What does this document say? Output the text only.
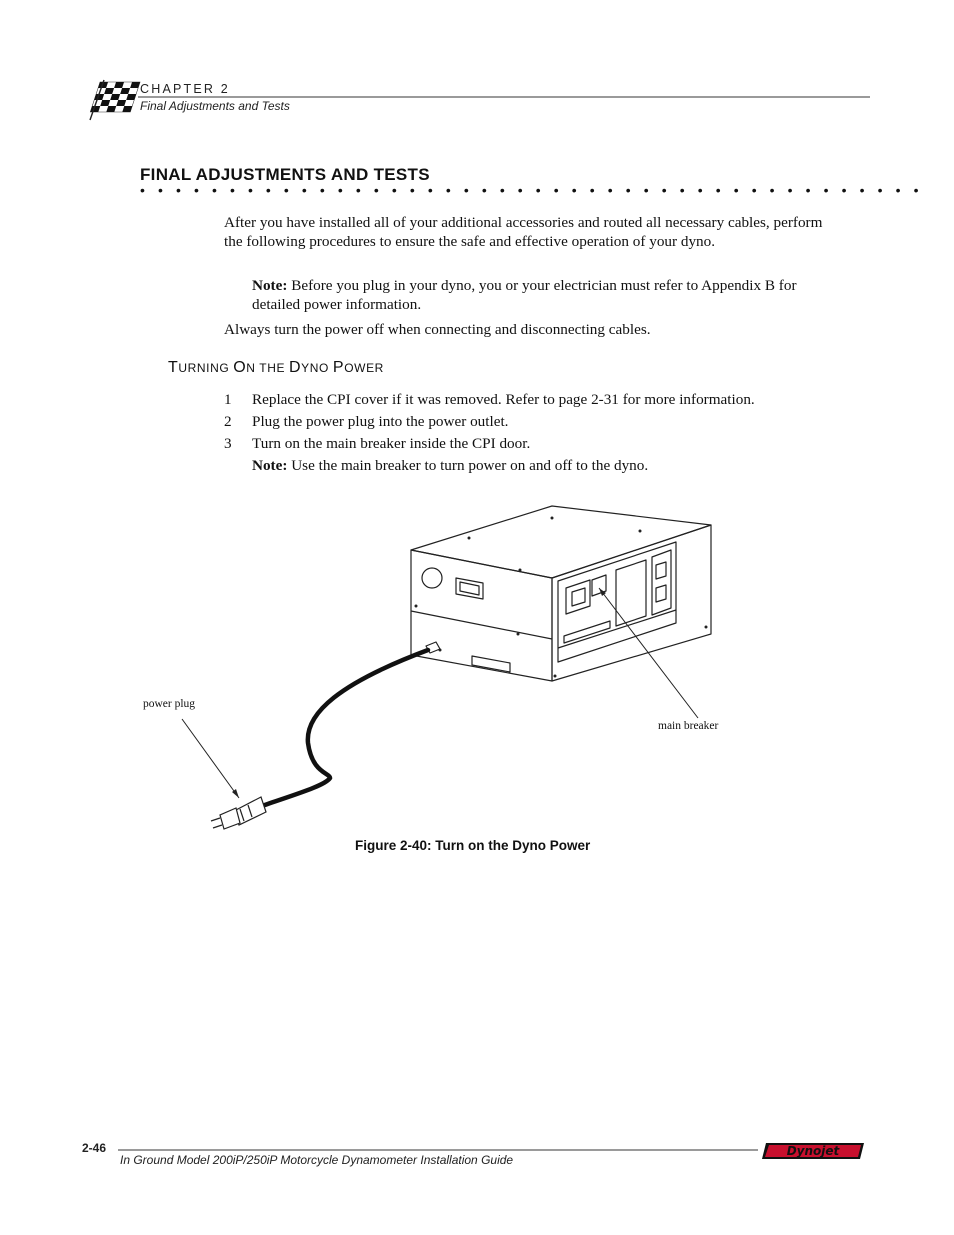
CHAPTER 2
Final Adjustments and Tests
FINAL ADJUSTMENTS AND TESTS
• • • • • • • • • • • • • • • • • • • • • • • • • • • • • • • • • • • • • • • • • • • •
After you have installed all of your additional accessories and routed all necessary cables, perform the following procedures to ensure the safe and effective operation of your dyno.
Note: Before you plug in your dyno, you or your electrician must refer to Appendix B for detailed power information.
Always turn the power off when connecting and disconnecting cables.
TURNING ON THE DYNO POWER
1 Replace the CPI cover if it was removed. Refer to page 2-31 for more information.
2 Plug the power plug into the power outlet.
3 Turn on the main breaker inside the CPI door.
Note: Use the main breaker to turn power on and off to the dyno.
power plug
main breaker
Figure 2-40: Turn on the Dyno Power
2-46
In Ground Model 200iP/250iP Motorcycle Dynamometer Installation Guide
Dynojet
